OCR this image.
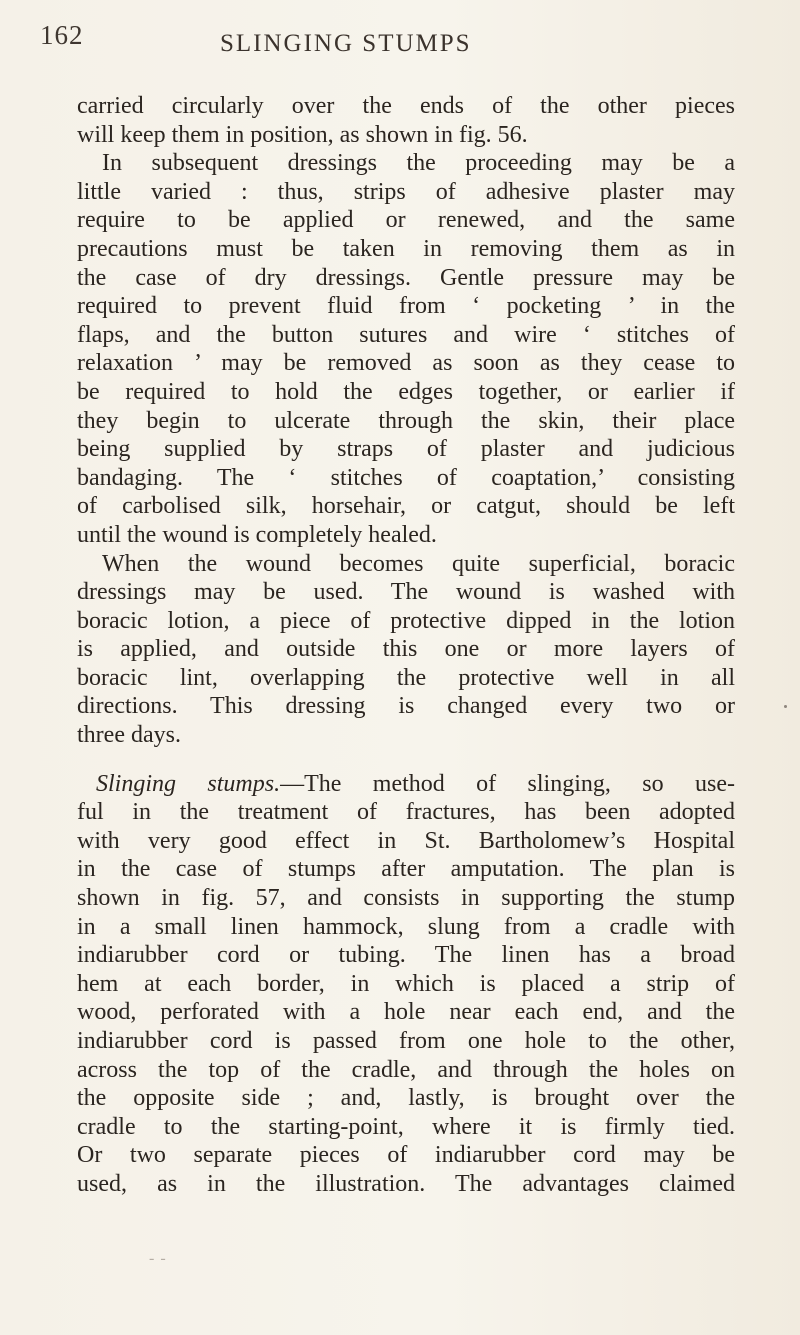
162	SLINGING STUMPS
carried circularly over the ends of the other pieces
will keep them in position, as shown in fig. 56.
In subsequent dressings the proceeding may be a
little varied : thus, strips of adhesive plaster may
require to be applied or renewed, and the same
precautions must be taken in removing them as in
the case of dry dressings. Gentle pressure may be
required to prevent fluid from ‘ pocketing ’ in the
flaps, and the button sutures and wire ‘ stitches of
relaxation ’ may be removed as soon as they cease to
be required to hold the edges together, or earlier if
they begin to ulcerate through the skin, their place
being supplied by straps of plaster and judicious
bandaging. The ‘ stitches of coaptation,’ consisting
of carbolised silk, horsehair, or catgut, should be left
until the wound is completely healed.
When the wound becomes quite superficial, boracic
dressings may be used. The wound is washed with
boracic lotion, a piece of protective dipped in the lotion
is applied, and outside this one or more layers of
boracic lint, overlapping the protective well in all
directions. This dressing is changed every two or
three days.
Slinging stumps.—The method of slinging, so use-
ful in the treatment of fractures, has been adopted
with very good effect in St. Bartholomew’s Hospital
in the case of stumps after amputation. The plan is
shown in fig. 57, and consists in supporting the stump
in a small linen hammock, slung from a cradle with
indiarubber cord or tubing. The linen has a broad
hem at each border, in which is placed a strip of
wood, perforated with a hole near each end, and the
indiarubber cord is passed from one hole to the other,
across the top of the cradle, and through the holes on
the opposite side ; and, lastly, is brought over the
cradle to the starting-point, where it is firmly tied.
Or two separate pieces of indiarubber cord may be
used, as in the illustration. The advantages claimed
- -
